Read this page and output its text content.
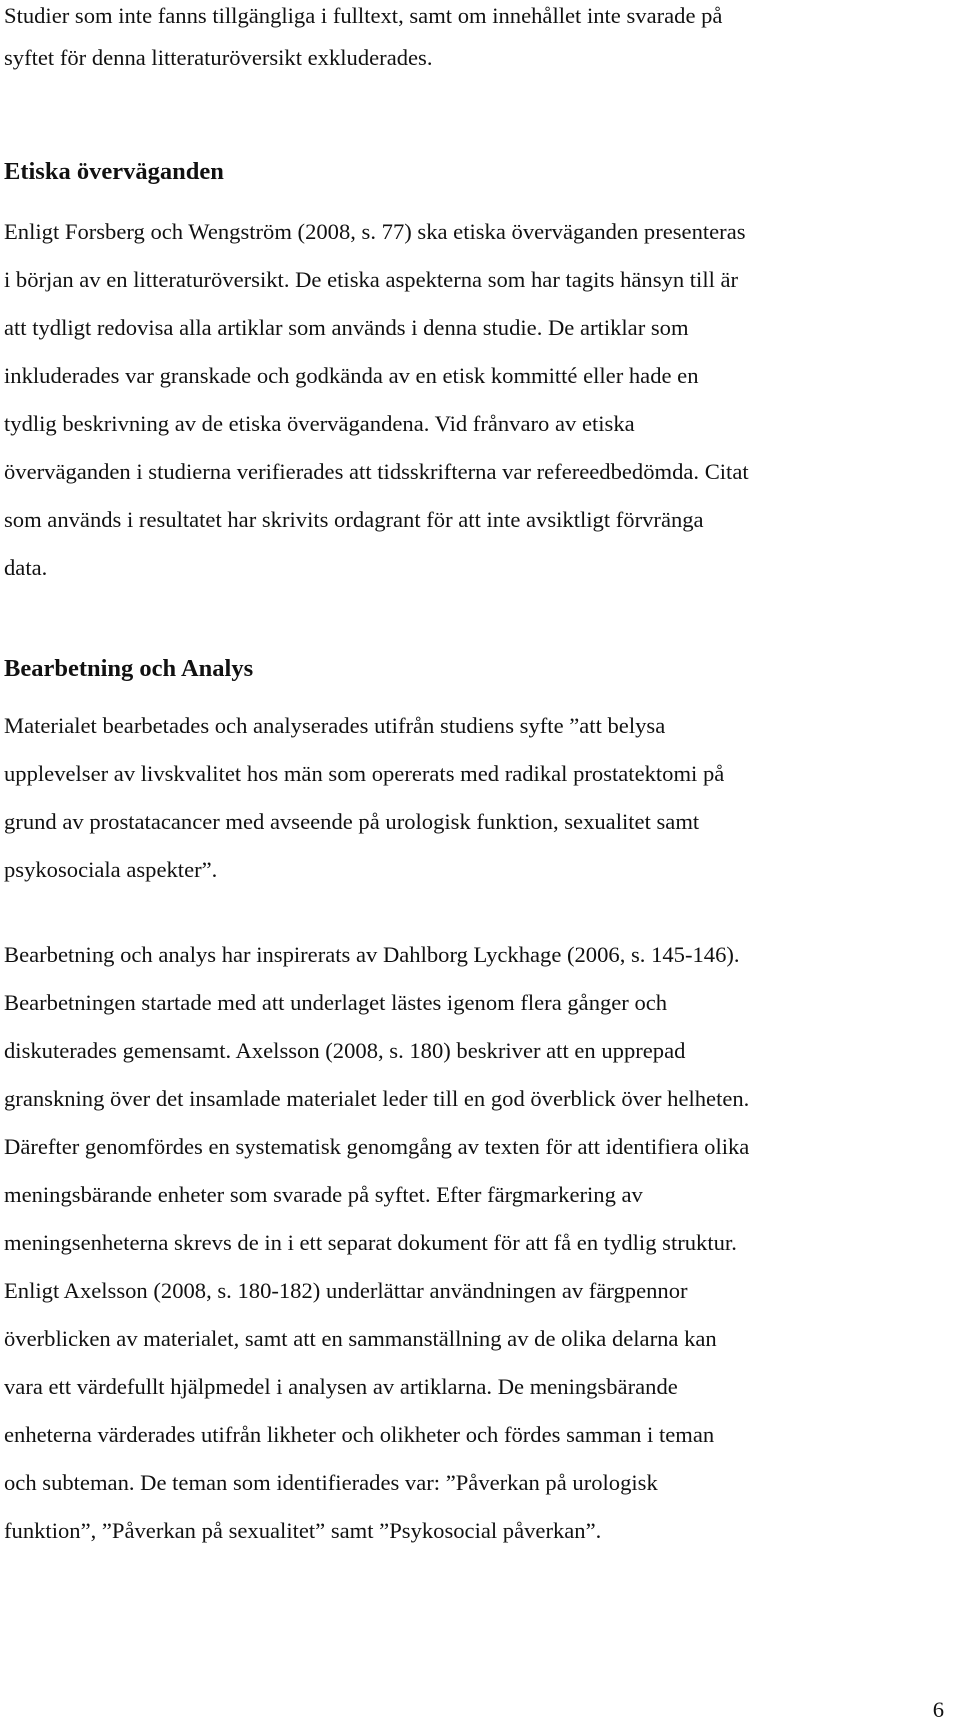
Studier som inte fanns tillgängliga i fulltext, samt om innehållet inte svarade på
syftet för denna litteraturöversikt exkluderades.
Etiska överväganden
Enligt Forsberg och Wengström (2008, s. 77) ska etiska överväganden presenteras
i början av en litteraturöversikt. De etiska aspekterna som har tagits hänsyn till är
att tydligt redovisa alla artiklar som används i denna studie. De artiklar som
inkluderades var granskade och godkända av en etisk kommitté eller hade en
tydlig beskrivning av de etiska övervägandena. Vid frånvaro av etiska
överväganden i studierna verifierades att tidsskrifterna var refereedbedömda. Citat
som används i resultatet har skrivits ordagrant för att inte avsiktligt förvränga
data.
Bearbetning och Analys
Materialet bearbetades och analyserades utifrån studiens syfte ”att belysa
upplevelser av livskvalitet hos män som opererats med radikal prostatektomi på
grund av prostatacancer med avseende på urologisk funktion, sexualitet samt
psykosociala aspekter”.
Bearbetning och analys har inspirerats av Dahlborg Lyckhage (2006, s. 145-146).
Bearbetningen startade med att underlaget lästes igenom flera gånger och
diskuterades gemensamt. Axelsson (2008, s. 180) beskriver att en upprepad
granskning över det insamlade materialet leder till en god överblick över helheten.
Därefter genomfördes en systematisk genomgång av texten för att identifiera olika
meningsbärande enheter som svarade på syftet. Efter färgmarkering av
meningsenheterna skrevs de in i ett separat dokument för att få en tydlig struktur.
Enligt Axelsson (2008, s. 180-182) underlättar användningen av färgpennor
överblicken av materialet, samt att en sammanställning av de olika delarna kan
vara ett värdefullt hjälpmedel i analysen av artiklarna. De meningsbärande
enheterna värderades utifrån likheter och olikheter och fördes samman i teman
och subteman. De teman som identifierades var: ”Påverkan på urologisk
funktion”, ”Påverkan på sexualitet” samt ”Psykosocial påverkan”.
6
